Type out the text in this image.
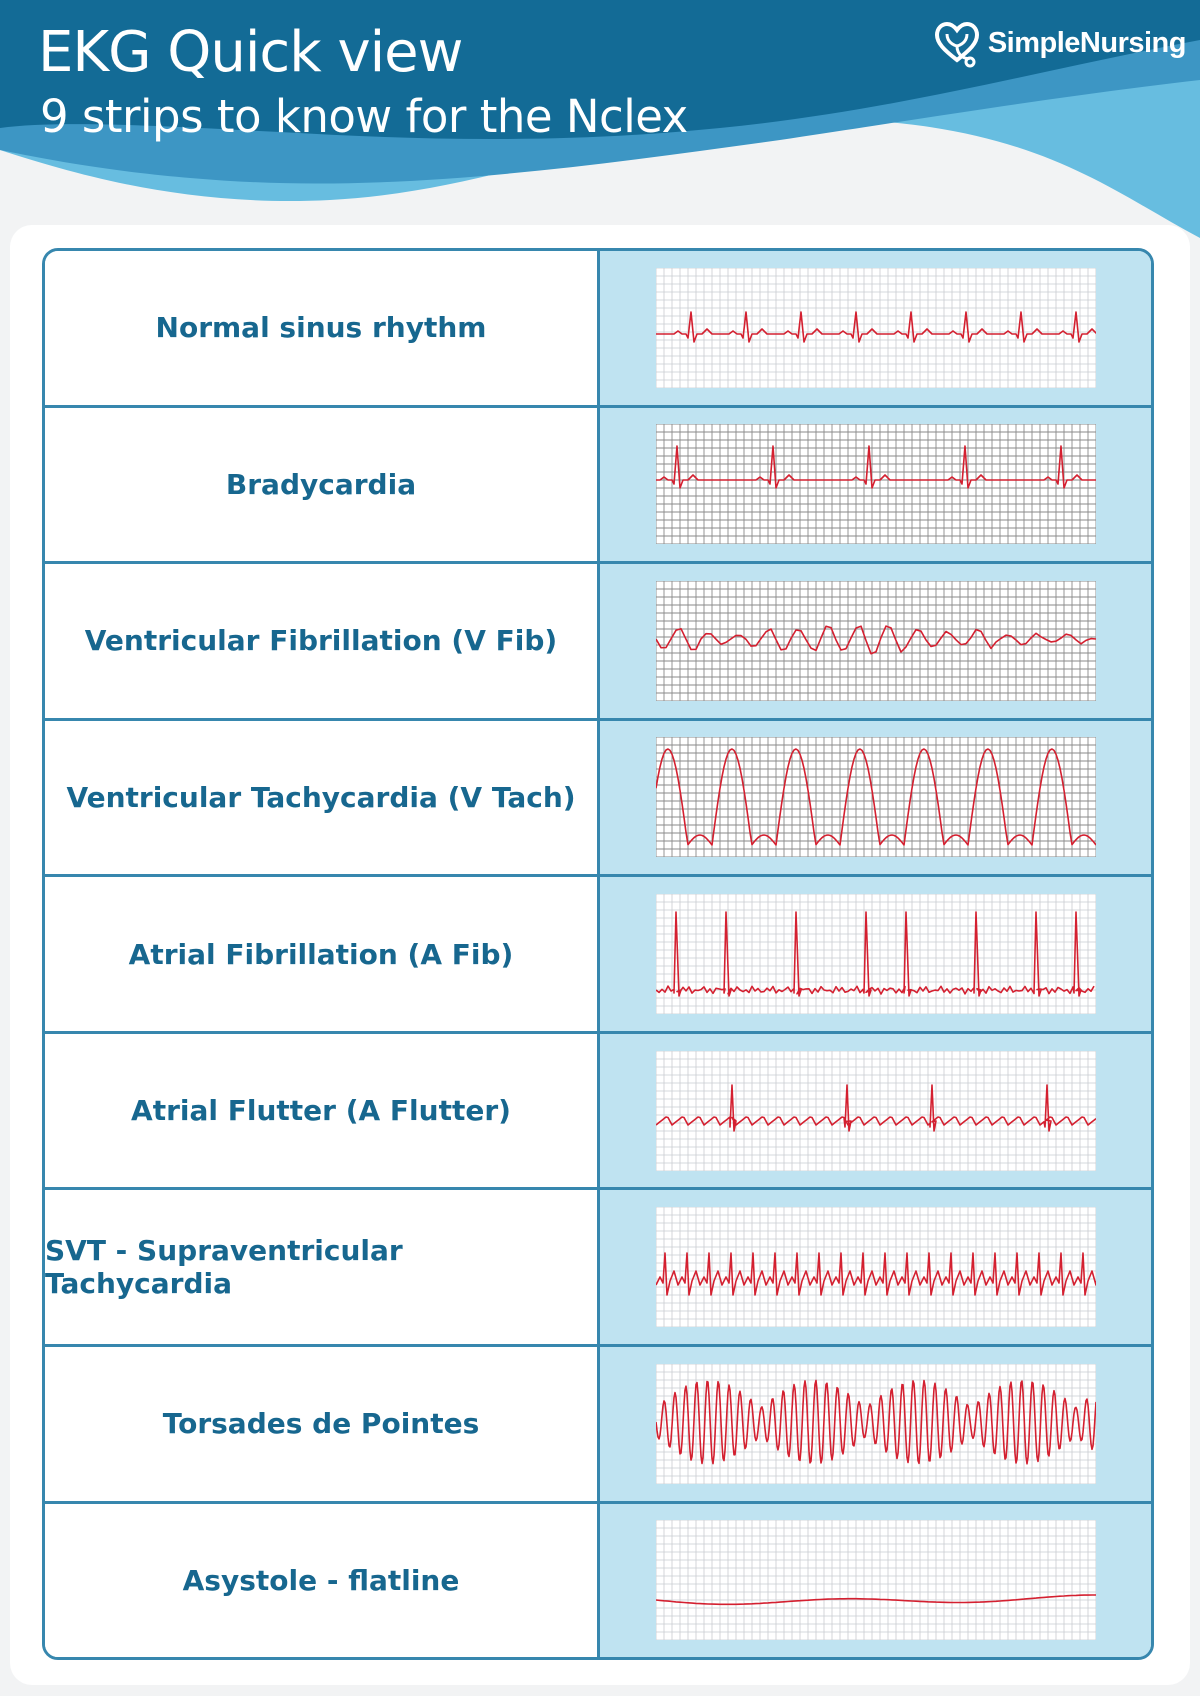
EKG Quick view
9 strips to know for the Nclex
SimpleNursing
Normal sinus rhythm
Bradycardia
Ventricular Fibrillation (V Fib)
Ventricular Tachycardia (V Tach)
Atrial Fibrillation (A Fib)
Atrial Flutter (A Flutter)
SVT - Supraventricular Tachycardia
Torsades de Pointes
Asystole - flatline
